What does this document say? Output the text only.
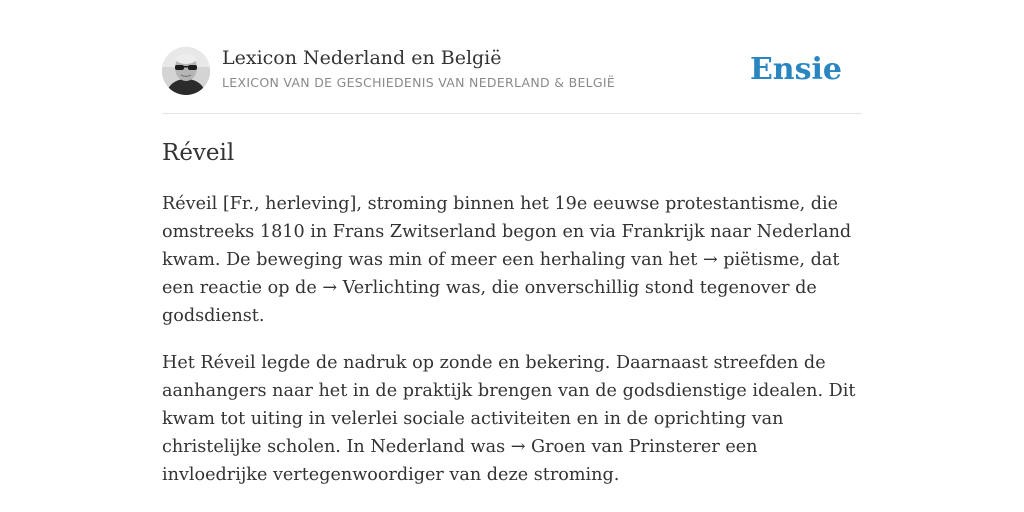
Lexicon Nederland en België
LEXICON VAN DE GESCHIEDENIS VAN NEDERLAND & BELGIË	Ensie
Réveil

Réveil [Fr., herleving], stroming binnen het 19e eeuwse protestantisme, die omstreeks 1810 in Frans Zwitserland begon en via Frankrijk naar Nederland kwam. De beweging was min of meer een herhaling van het → piëtisme, dat een reactie op de → Verlichting was, die onverschillig stond tegenover de godsdienst.

Het Réveil legde de nadruk op zonde en bekering. Daarnaast streefden de aanhangers naar het in de praktijk brengen van de godsdienstige idealen. Dit kwam tot uiting in velerlei sociale activiteiten en in de oprichting van christelijke scholen. In Nederland was → Groen van Prinsterer een invloedrijke vertegenwoordiger van deze stroming.
